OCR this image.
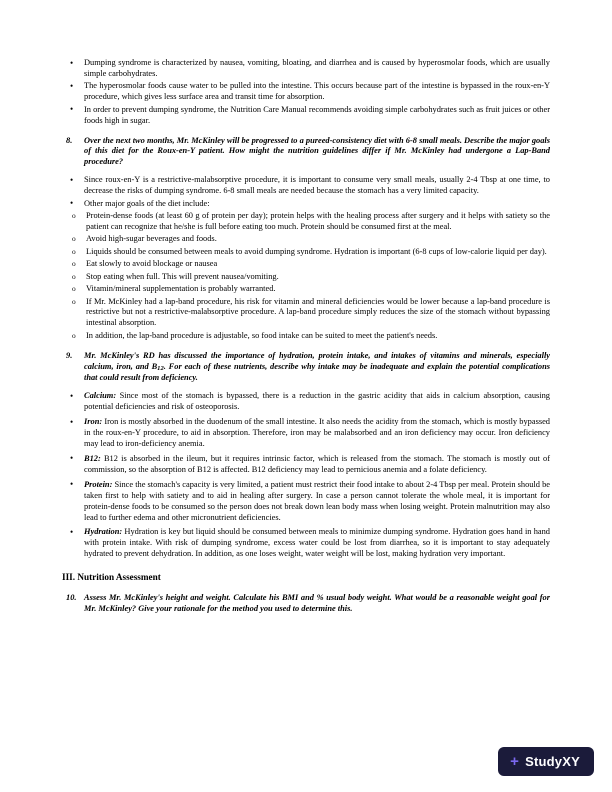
• Dumping syndrome is characterized by nausea, vomiting, bloating, and diarrhea and is caused by hyperosmolar foods, which are usually simple carbohydrates.
• The hyperosmolar foods cause water to be pulled into the intestine. This occurs because part of the intestine is bypassed in the roux-en-Y procedure, which gives less surface area and transit time for absorption.
• In order to prevent dumping syndrome, the Nutrition Care Manual recommends avoiding simple carbohydrates such as fruit juices or other foods high in sugar.
8.	Over the next two months, Mr. McKinley will be progressed to a pureed-consistency diet with 6-8 small meals. Describe the major goals of this diet for the Roux-en-Y patient. How might the nutrition guidelines differ if Mr. McKinley had undergone a Lap-Band procedure?
• Since roux-en-Y is a restrictive-malabsorptive procedure, it is important to consume very small meals, usually 2-4 Tbsp at one time, to decrease the risks of dumping syndrome. 6-8 small meals are needed because the stomach has a very limited capacity.
• Other major goals of the diet include:
o Protein-dense foods (at least 60 g of protein per day); protein helps with the healing process after surgery and it helps with satiety so the patient can recognize that he/she is full before eating too much. Protein should be consumed first at the meal.
o Avoid high-sugar beverages and foods.
o Liquids should be consumed between meals to avoid dumping syndrome. Hydration is important (6-8 cups of low-calorie liquid per day).
o Eat slowly to avoid blockage or nausea
o Stop eating when full. This will prevent nausea/vomiting.
o Vitamin/mineral supplementation is probably warranted.
o If Mr. McKinley had a lap-band procedure, his risk for vitamin and mineral deficiencies would be lower because a lap-band procedure is restrictive but not a restrictive-malabsorptive procedure. A lap-band procedure simply reduces the size of the stomach without bypassing intestinal absorption.
o In addition, the lap-band procedure is adjustable, so food intake can be suited to meet the patient's needs.
9.	Mr. McKinley's RD has discussed the importance of hydration, protein intake, and intakes of vitamins and minerals, especially calcium, iron, and B12. For each of these nutrients, describe why intake may be inadequate and explain the potential complications that could result from deficiency.
• Calcium: Since most of the stomach is bypassed, there is a reduction in the gastric acidity that aids in calcium absorption, causing potential deficiencies and risk of osteoporosis.
• Iron: Iron is mostly absorbed in the duodenum of the small intestine. It also needs the acidity from the stomach, which is mostly bypassed in the roux-en-Y procedure, to aid in absorption. Therefore, iron may be malabsorbed and an iron deficiency may occur. Iron deficiency may lead to iron-deficiency anemia.
• B12: B12 is absorbed in the ileum, but it requires intrinsic factor, which is released from the stomach. The stomach is mostly out of commission, so the absorption of B12 is affected. B12 deficiency may lead to pernicious anemia and a folate deficiency.
• Protein: Since the stomach's capacity is very limited, a patient must restrict their food intake to about 2-4 Tbsp per meal. Protein should be taken first to help with satiety and to aid in healing after surgery. In case a person cannot tolerate the whole meal, it is important for protein-dense foods to be consumed so the person does not break down lean body mass when losing weight. Protein malnutrition may also lead to further edema and other micronutrient deficiencies.
• Hydration: Hydration is key but liquid should be consumed between meals to minimize dumping syndrome. Hydration goes hand in hand with protein intake. With risk of dumping syndrome, excess water could be lost from diarrhea, so it is important to stay adequately hydrated to prevent dehydration. In addition, as one loses weight, water weight will be lost, making hydration very important.
III. Nutrition Assessment
10. Assess Mr. McKinley's height and weight. Calculate his BMI and % usual body weight. What would be a reasonable weight goal for Mr. McKinley? Give your rationale for the method you used to determine this.
+ StudyXY
